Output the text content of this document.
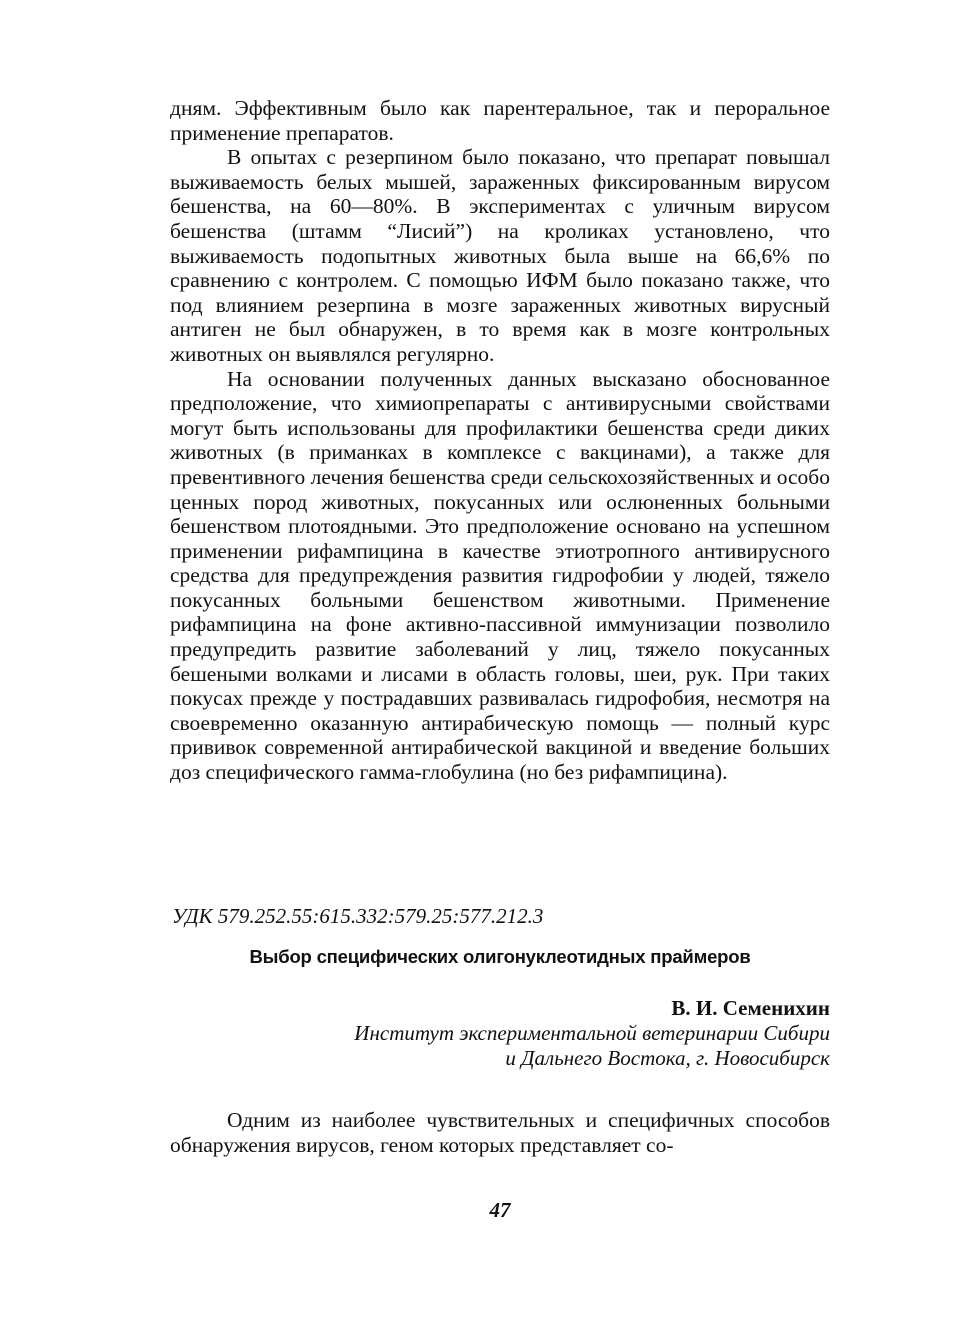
дням. Эффективным было как парентеральное, так и пероральное применение препаратов.

В опытах с резерпином было показано, что препарат повышал выживаемость белых мышей, зараженных фиксированным вирусом бешенства, на 60—80%. В экспериментах с уличным вирусом бешенства (штамм “Лисий”) на кроликах установлено, что выживаемость подопытных животных была выше на 66,6% по сравнению с контролем. С помощью ИФМ было показано также, что под влиянием резерпина в мозге зараженных животных вирусный антиген не был обнаружен, в то время как в мозге контрольных животных он выявлялся регулярно.

На основании полученных данных высказано обоснованное предположение, что химиопрепараты с антивирусными свойствами могут быть использованы для профилактики бешенства среди диких животных (в приманках в комплексе с вакцинами), а также для превентивного лечения бешенства среди сельскохозяйственных и особо ценных пород животных, покусанных или ослюненных больными бешенством плотоядными. Это предположение основано на успешном применении рифампицина в качестве этиотропного антивирусного средства для предупреждения развития гидрофобии у людей, тяжело покусанных больными бешенством животными. Применение рифампицина на фоне активно-пассивной иммунизации позволило предупредить развитие заболеваний у лиц, тяжело покусанных бешеными волками и лисами в область головы, шеи, рук. При таких покусах прежде у пострадавших развивалась гидрофобия, несмотря на своевременно оказанную антирабическую помощь — полный курс прививок современной антирабической вакциной и введение больших доз специфического гамма-глобулина (но без рифампицина).

УДК 579.252.55:615.332:579.25:577.212.3
Выбор специфических олигонуклеотидных праймеров
В. И. Семенихин
Институт экспериментальной ветеринарии Сибири
и Дальнего Востока, г. Новосибирск

Одним из наиболее чувствительных и специфичных способов обнаружения вирусов, геном которых представляет со-

47
